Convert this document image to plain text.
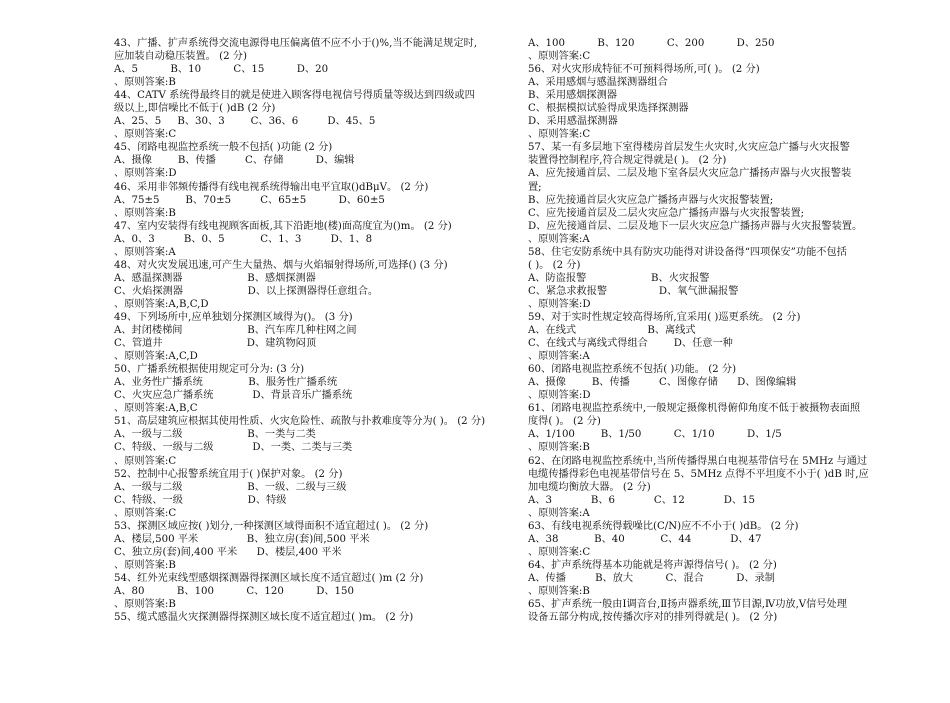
43、广播、扩声系统得交流电源得电压偏离值不应不小于()%,当不能满足规定时,
应加装自动稳压装置。 (2 分)
A、5          B、10          C、15          D、20
、原则答案:B
44、CATV 系统得最终目的就是使进入顾客得电视信号得质量等级达到四级或四
级以上,即信噪比不低于( )dB (2 分)
A、25、5     B、30、3        C、36、6         D、45、5
、原则答案:C
45、闭路电视监控系统一般不包括( )功能 (2 分)
A、摄像        B、传播         C、存储          D、编辑
、原则答案:D
46、采用非邻频传播得有线电视系统得输出电平宜取()dBμV。 (2 分)
A、75±5        B、70±5         C、65±5          D、60±5
、原则答案:B
47、室内安装得有线电视顾客面板,其下沿距地(楼)面高度宜为()m。 (2 分)
A、0、3         B、0、5           C、1、3         D、1、8
、原则答案:A
48、对火灾发展迅速,可产生大量热、烟与火焰辐射得场所,可选择() (3 分)
A、感温探测器                    B、感烟探测器
C、火焰探测器                    D、以上探测器得任意组合。
、原则答案:A,B,C,D
49、下列场所中,应单独划分探测区域得为()。 (3 分)
A、封闭楼梯间                    B、汽车库几种柱网之间
C、管道井                          D、建筑物闷顶
、原则答案:A,C,D
50、广播系统根据使用规定可分为: (3 分)
A、业务性广播系统              B、服务性广播系统
C、火灾应急广播系统            D、背景音乐广播系统
、原则答案:A,B,C
51、高层建筑应根据其使用性质、火灾危险性、疏散与扑救难度等分为( )。 (2 分)
A、一级与二级                    B、一类与二类
C、特级、一级与二级            D、一类、二类与三类
、原则答案:C
52、控制中心报警系统宜用于( )保护对象。 (2 分)
A、一级与二级                    B、一级、二级与三级
C、特级、一级                    D、特级
、原则答案:C
53、探测区域应按( )划分,一种探测区域得面积不适宜超过( )。 (2 分)
A、楼层,500 平米               B、独立房(套)间,500 平米
C、独立房(套)间,400 平米      D、楼层,400 平米
、原则答案:B
54、红外光束线型感烟探测器得探测区域长度不适宜超过( )m (2 分)
A、80          B、100          C、120          D、150
、原则答案:B
55、缆式感温火灾探测器得探测区域长度不适宜超过( )m。 (2 分)
A、100          B、120          C、200          D、250
、原则答案:C
56、对火灾形成特征不可预料得场所,可( )。 (2 分)
A、采用感烟与感温探测器组合
B、采用感烟探测器
C、根据模拟试验得成果选择探测器
D、采用感温探测器
、原则答案:C
57、某一有多层地下室得楼房首层发生火灾时,火灾应急广播与火灾报警
装置得控制程序,符合规定得就是( )。 (2 分)
A、应先接通首层、二层及地下室各层火灾应急广播扬声器与火灾报警装
置;
B、应先接通首层火灾应急广播扬声器与火灾报警装置;
C、应先接通首层及二层火灾应急广播扬声器与火灾报警装置;
D、应先接通首层、二层及地下一层火灾应急广播扬声器与火灾报警装置。
、原则答案:A
58、住宅安防系统中具有防灾功能得对讲设备得“四项保安”功能不包括
( )。 (2 分)
A、防盗报警                    B、火灾报警
C、紧急求救报警                D、氧气泄漏报警
、原则答案:D
59、对于实时性规定较高得场所,宜采用( )巡更系统。 (2 分)
A、在线式                      B、离线式
C、在线式与离线式得组合        D、任意一种
、原则答案:A
60、闭路电视监控系统不包括( )功能。 (2 分)
A、摄像        B、传播         C、图像存储      D、图像编辑
、原则答案:D
61、闭路电视监控系统中,一般规定摄像机得俯仰角度不低于被摄物表面照
度得( )。 (2 分)
A、1/100        B、1/50          C、1/10          D、1/5
、原则答案:B
62、在闭路电视监控系统中,当所传播得黑白电视基带信号在 5MHz 与通过
电缆传播得彩色电视基带信号在 5、5MHz 点得不平坦度不小于( )dB 时,应
加电缆均衡放大器。 (2 分)
A、3            B、6            C、12            D、15
、原则答案:A
63、有线电视系统得载噪比(C/N)应不不小于( )dB。 (2 分)
A、38           B、40           C、44            D、47
、原则答案:C
64、扩声系统得基本功能就是将声源得信号( )。 (2 分)
A、传播         B、放大          C、混合          D、录制
、原则答案:B
65、扩声系统一般由Ⅰ调音台,Ⅱ扬声器系统,Ⅲ节目源,Ⅳ功放,Ⅴ信号处理
设备五部分构成,按传播次序对的排列得就是( )。 (2 分)
